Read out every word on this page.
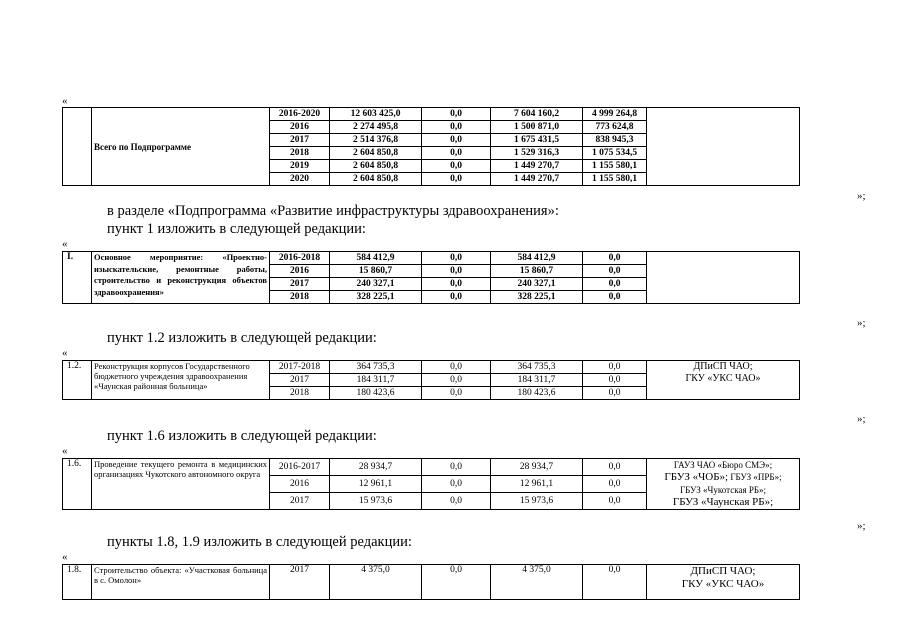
«
	Всего по Подпрограмме	2016-2020	12 603 425,0	0,0	7 604 160,2	4 999 264,8	
		2016	2 274 495,8	0,0	1 500 871,0	773 624,8	
		2017	2 514 376,8	0,0	1 675 431,5	838 945,3	
		2018	2 604 850,8	0,0	1 529 316,3	1 075 534,5	
		2019	2 604 850,8	0,0	1 449 270,7	1 155 580,1	
		2020	2 604 850,8	0,0	1 449 270,7	1 155 580,1	
»;
в разделе «Подпрограмма «Развитие инфраструктуры здравоохранения»:
пункт 1 изложить в следующей редакции:
«
I.	Основное мероприятие: «Проектно-изыскательские, ремонтные работы, строительство и реконструкция объектов здравоохранения»	2016-2018	584 412,9	0,0	584 412,9	0,0	
		2016	15 860,7	0,0	15 860,7	0,0	
		2017	240 327,1	0,0	240 327,1	0,0	
		2018	328 225,1	0,0	328 225,1	0,0	
»;
пункт 1.2 изложить в следующей редакции:
«
1.2.	Реконструкция корпусов Государственного бюджетного учреждения здравоохранения «Чаунская районная больница»	2017-2018	364 735,3	0,0	364 735,3	0,0	ДПиСП ЧАО;
ГКУ «УКС ЧАО»

		2017	184 311,7	0,0	184 311,7	0,0	
		2018	180 423,6	0,0	180 423,6	0,0	
»;
пункт 1.6 изложить в следующей редакции:
«
1.6.	Проведение текущего ремонта в медицинских организациях Чукотского автономного округа	2016-2017	28 934,7	0,0	28 934,7	0,0	ГАУЗ ЧАО «Бюро СМЭ»;
ГБУЗ «ЧОБ»; ГБУЗ «ПРБ»;
ГБУЗ «Чукотская РБ»;
ГБУЗ «Чаунская РБ»;

		2016	12 961,1	0,0	12 961,1	0,0	
		2017	15 973,6	0,0	15 973,6	0,0	
»;
пункты 1.8, 1.9 изложить в следующей редакции:
«
1.8.	Строительство объекта: «Участковая больница в с. Омолон»	2017	4 375,0	0,0	4 375,0	0,0	ДПиСП ЧАО;
ГКУ «УКС ЧАО»
